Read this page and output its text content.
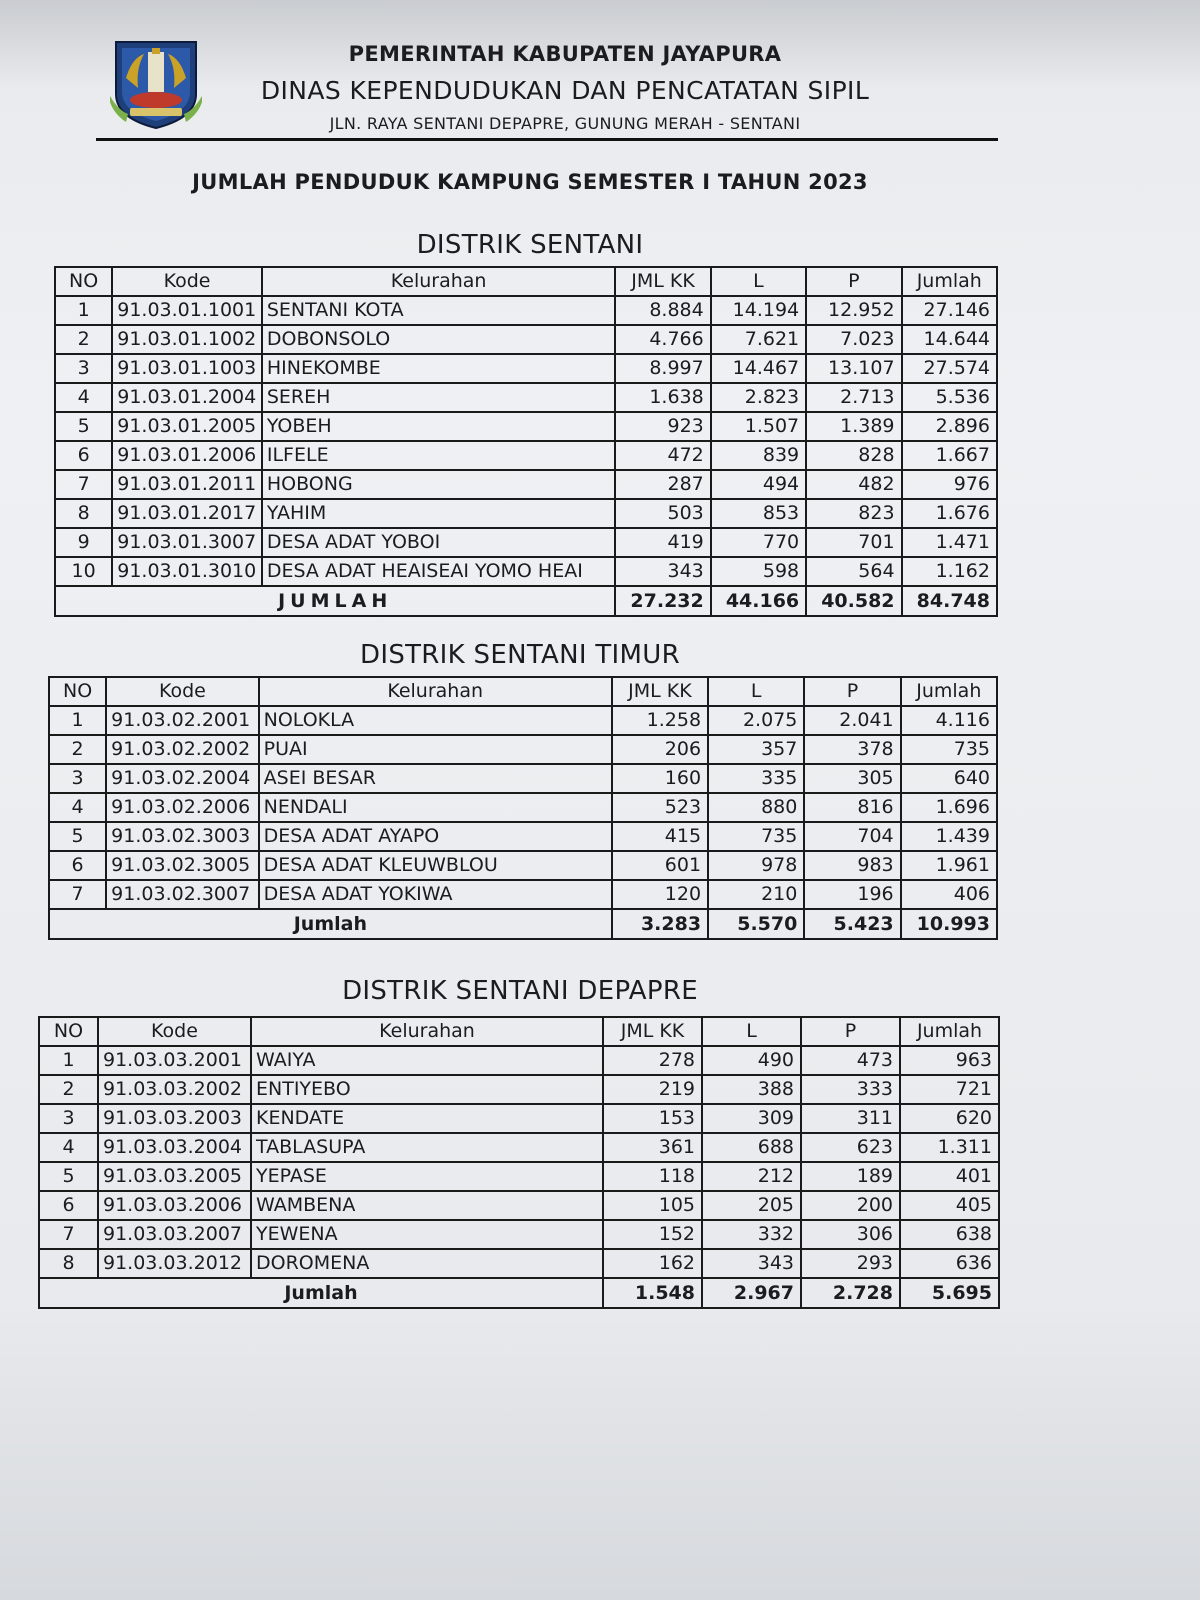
PEMERINTAH KABUPATEN JAYAPURA
DINAS KEPENDUDUKAN DAN PENCATATAN SIPIL
JLN. RAYA SENTANI DEPAPRE, GUNUNG MERAH - SENTANI
JUMLAH PENDUDUK KAMPUNG SEMESTER I TAHUN 2023
DISTRIK SENTANI
NO	Kode	Kelurahan	JML KK	L	P	Jumlah
1	91.03.01.1001	SENTANI KOTA	8.884	14.194	12.952	27.146
2	91.03.01.1002	DOBONSOLO	4.766	7.621	7.023	14.644
3	91.03.01.1003	HINEKOMBE	8.997	14.467	13.107	27.574
4	91.03.01.2004	SEREH	1.638	2.823	2.713	5.536
5	91.03.01.2005	YOBEH	923	1.507	1.389	2.896
6	91.03.01.2006	ILFELE	472	839	828	1.667
7	91.03.01.2011	HOBONG	287	494	482	976
8	91.03.01.2017	YAHIM	503	853	823	1.676
9	91.03.01.3007	DESA ADAT YOBOI	419	770	701	1.471
10	91.03.01.3010	DESA ADAT HEAISEAI YOMO HEAI	343	598	564	1.162
JUMLAH			27.232	44.166	40.582	84.748
DISTRIK SENTANI TIMUR
NO	Kode	Kelurahan	JML KK	L	P	Jumlah
1	91.03.02.2001	NOLOKLA	1.258	2.075	2.041	4.116
2	91.03.02.2002	PUAI	206	357	378	735
3	91.03.02.2004	ASEI BESAR	160	335	305	640
4	91.03.02.2006	NENDALI	523	880	816	1.696
5	91.03.02.3003	DESA ADAT AYAPO	415	735	704	1.439
6	91.03.02.3005	DESA ADAT KLEUWBLOU	601	978	983	1.961
7	91.03.02.3007	DESA ADAT YOKIWA	120	210	196	406
Jumlah			3.283	5.570	5.423	10.993
DISTRIK SENTANI DEPAPRE
NO	Kode	Kelurahan	JML KK	L	P	Jumlah
1	91.03.03.2001	WAIYA	278	490	473	963
2	91.03.03.2002	ENTIYEBO	219	388	333	721
3	91.03.03.2003	KENDATE	153	309	311	620
4	91.03.03.2004	TABLASUPA	361	688	623	1.311
5	91.03.03.2005	YEPASE	118	212	189	401
6	91.03.03.2006	WAMBENA	105	205	200	405
7	91.03.03.2007	YEWENA	152	332	306	638
8	91.03.03.2012	DOROMENA	162	343	293	636
Jumlah			1.548	2.967	2.728	5.695
